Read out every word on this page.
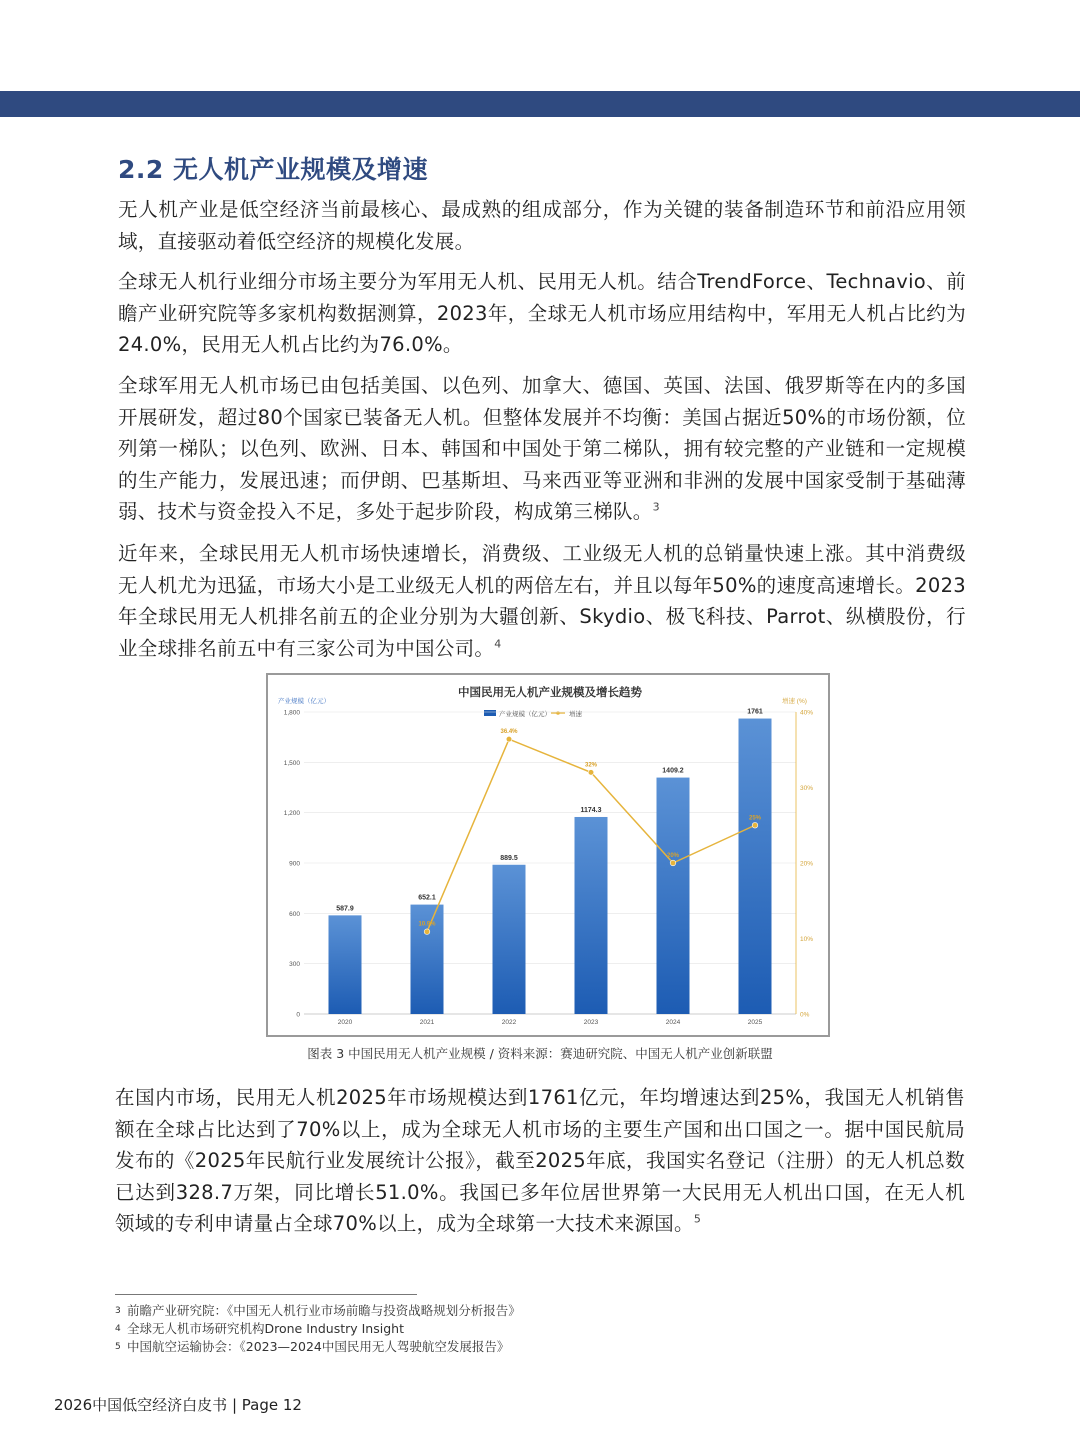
2.2 无人机产业规模及增速

无人机产业是低空经济当前最核心、最成熟的组成部分，作为关键的装备制造环节和前沿应用领域，直接驱动着低空经济的规模化发展。

全球无人机行业细分市场主要分为军用无人机、民用无人机。结合TrendForce、Technavio、前瞻产业研究院等多家机构数据测算，2023年，全球无人机市场应用结构中，军用无人机占比约为24.0%，民用无人机占比约为76.0%。

全球军用无人机市场已由包括美国、以色列、加拿大、德国、英国、法国、俄罗斯等在内的多国开展研发，超过80个国家已装备无人机。但整体发展并不均衡：美国占据近50%的市场份额，位列第一梯队；以色列、欧洲、日本、韩国和中国处于第二梯队，拥有较完整的产业链和一定规模的生产能力，发展迅速；而伊朗、巴基斯坦、马来西亚等亚洲和非洲的发展中国家受制于基础薄弱、技术与资金投入不足，多处于起步阶段，构成第三梯队。$^3$

近年来，全球民用无人机市场快速增长，消费级、工业级无人机的总销量快速上涨。其中消费级无人机尤为迅猛，市场大小是工业级无人机的两倍左右，并且以每年50%的速度高速增长。2023年全球民用无人机排名前五的企业分别为大疆创新、Skydio、极飞科技、Parrot、纵横股份，行业全球排名前五中有三家公司为中国公司。$^4$

中国民用无人机产业规模及增长趋势
产业规模（亿元）	增速 (%)
产业规模（亿元）	增速
0
300
600
900
1,200
1,500
1,800
0%
10%
20%
30%
40%
587.9
652.1
889.5
1174.3
1409.2
1761
2020	2021	2022	2023	2024	2025
10.9%
36.4%
32%
20%
25%
图表 3 中国民用无人机产业规模 / 资料来源：赛迪研究院、中国无人机产业创新联盟

在国内市场，民用无人机2025年市场规模达到1761亿元，年均增速达到25%，我国无人机销售额在全球占比达到了70%以上，成为全球无人机市场的主要生产国和出口国之一。据中国民航局发布的《2025年民航行业发展统计公报》，截至2025年底，我国实名登记（注册）的无人机总数已达到328.7万架，同比增长51.0%。我国已多年位居世界第一大民用无人机出口国，在无人机领域的专利申请量占全球70%以上，成为全球第一大技术来源国。$^5$

3 前瞻产业研究院：《中国无人机行业市场前瞻与投资战略规划分析报告》
4 全球无人机市场研究机构Drone Industry Insight
5 中国航空运输协会：《2023—2024中国民用无人驾驶航空发展报告》
2026中国低空经济白皮书 | Page 12
